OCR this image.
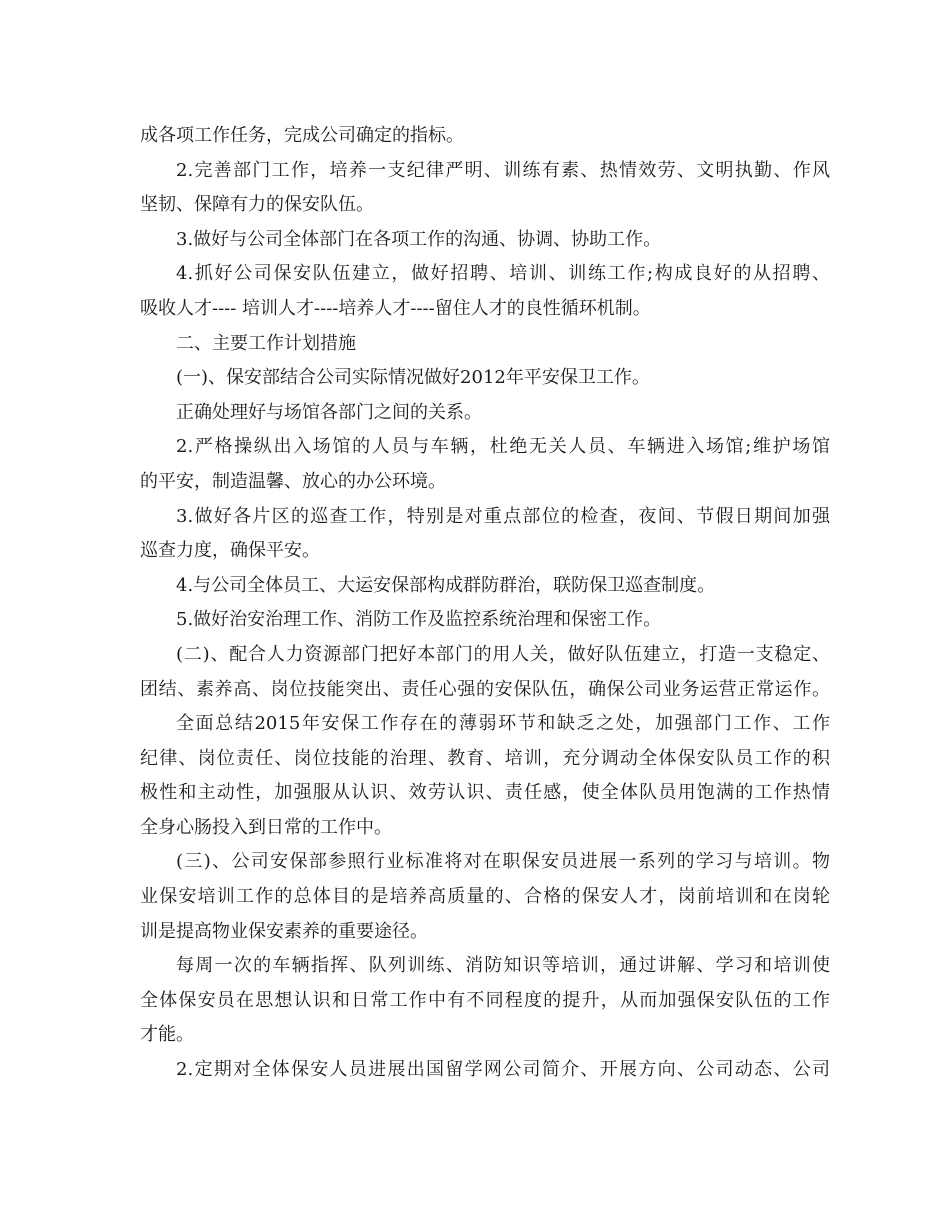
成各项工作任务，完成公司确定的指标。
2.完善部门工作，培养一支纪律严明、训练有素、热情效劳、文明执勤、作风
坚韧、保障有力的保安队伍。
3.做好与公司全体部门在各项工作的沟通、协调、协助工作。
4.抓好公司保安队伍建立，做好招聘、培训、训练工作;构成良好的从招聘、
吸收人才---- 培训人才----培养人才----留住人才的良性循环机制。
二、主要工作计划措施
(一)、保安部结合公司实际情况做好2012年平安保卫工作。
正确处理好与场馆各部门之间的关系。
2.严格操纵出入场馆的人员与车辆，杜绝无关人员、车辆进入场馆;维护场馆
的平安，制造温馨、放心的办公环境。
3.做好各片区的巡查工作，特别是对重点部位的检查，夜间、节假日期间加强
巡查力度，确保平安。
4.与公司全体员工、大运安保部构成群防群治，联防保卫巡查制度。
5.做好治安治理工作、消防工作及监控系统治理和保密工作。
(二)、配合人力资源部门把好本部门的用人关，做好队伍建立，打造一支稳定、
团结、素养高、岗位技能突出、责任心强的安保队伍，确保公司业务运营正常运作。
全面总结2015年安保工作存在的薄弱环节和缺乏之处，加强部门工作、工作
纪律、岗位责任、岗位技能的治理、教育、培训，充分调动全体保安队员工作的积
极性和主动性，加强服从认识、效劳认识、责任感，使全体队员用饱满的工作热情
全身心肠投入到日常的工作中。
(三)、公司安保部参照行业标准将对在职保安员进展一系列的学习与培训。物
业保安培训工作的总体目的是培养高质量的、合格的保安人才，岗前培训和在岗轮
训是提高物业保安素养的重要途径。
每周一次的车辆指挥、队列训练、消防知识等培训，通过讲解、学习和培训使
全体保安员在思想认识和日常工作中有不同程度的提升，从而加强保安队伍的工作
才能。
2.定期对全体保安人员进展出国留学网公司简介、开展方向、公司动态、公司
